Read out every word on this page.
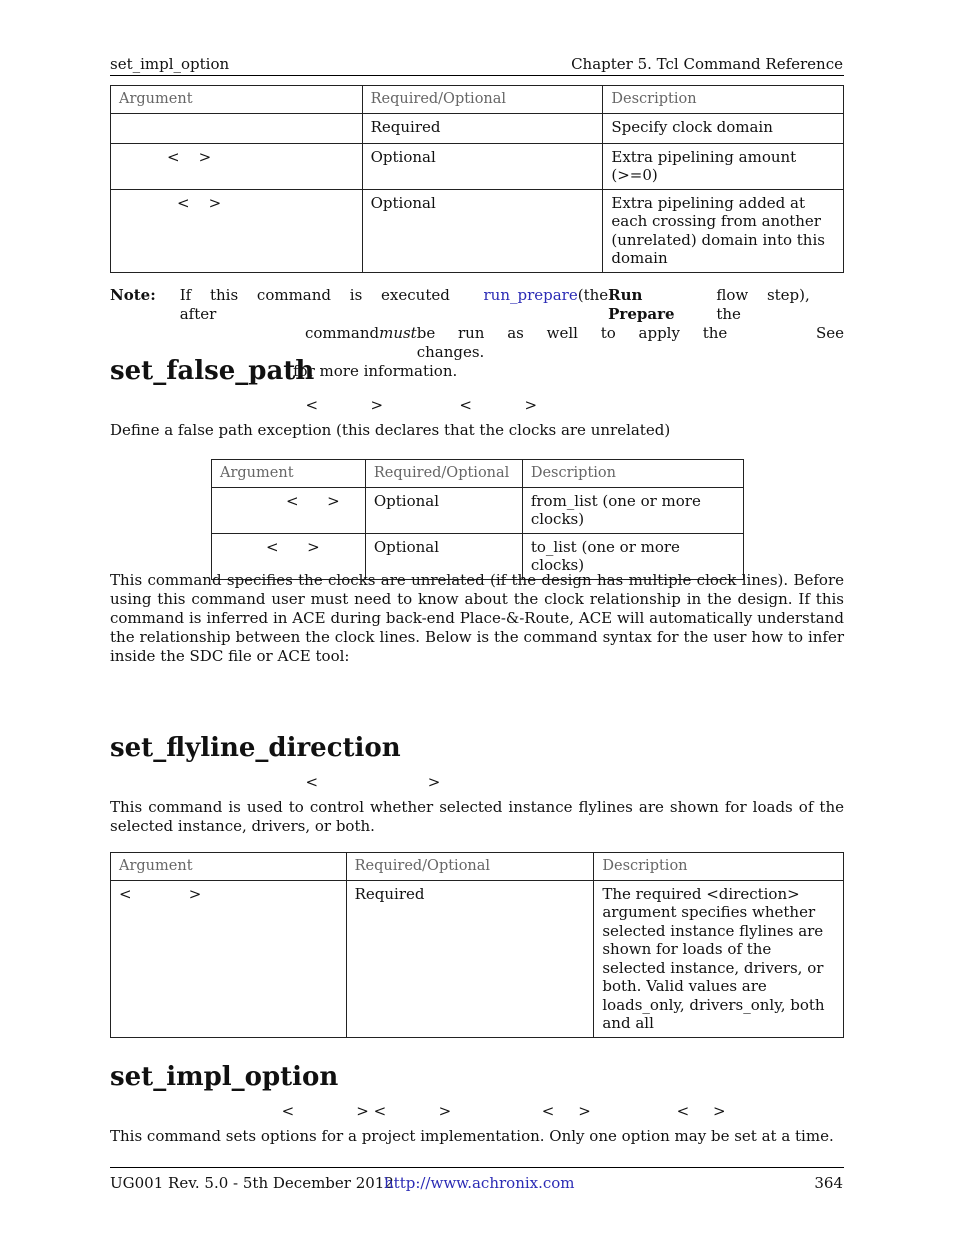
set_impl_option	Chapter 5. Tcl Command Reference
Argument	Required/Optional	Description
	Required	Specify clock domain
<    >	Optional	Extra pipelining amount (>=0)
<    >	Optional	Extra pipelining added at each crossing from another (unrelated) domain into this domain
Note: If this command is executed after
run_prepare (the Run Prepare
flow step), the
command must be run as well to apply the changes.
See
for more information.
set_false_path
<	>	<	>
Define a false path exception (this declares that the clocks are unrelated)
Argument	Required/Optional	Description
<      >	Optional	from_list (one or more clocks)
<      >	Optional	to_list (one or more clocks)
This command specifies the clocks are unrelated (if the design has multiple clock lines). Before using this command user must need to know about the clock relationship in the design. If this command is inferred in ACE during back-end Place-&-Route, ACE will automatically understand the relationship between the clock lines. Below is the command syntax for the user how to infer inside the SDC file or ACE tool:
set_flyline_direction
<	>
This command is used to control whether selected instance flylines are shown for loads of the selected instance, drivers, or both.
Argument	Required/Optional	Description
<            >	Required	The required <direction> argument specifies whether selected instance flylines are shown for loads of the selected instance, drivers, or both. Valid values are loads_only, drivers_only, both and all
set_impl_option
<	> <	>	< >	< >
This command sets options for a project implementation. Only one option may be set at a time.
UG001 Rev. 5.0 - 5th December 2012
http://www.achronix.com	364
